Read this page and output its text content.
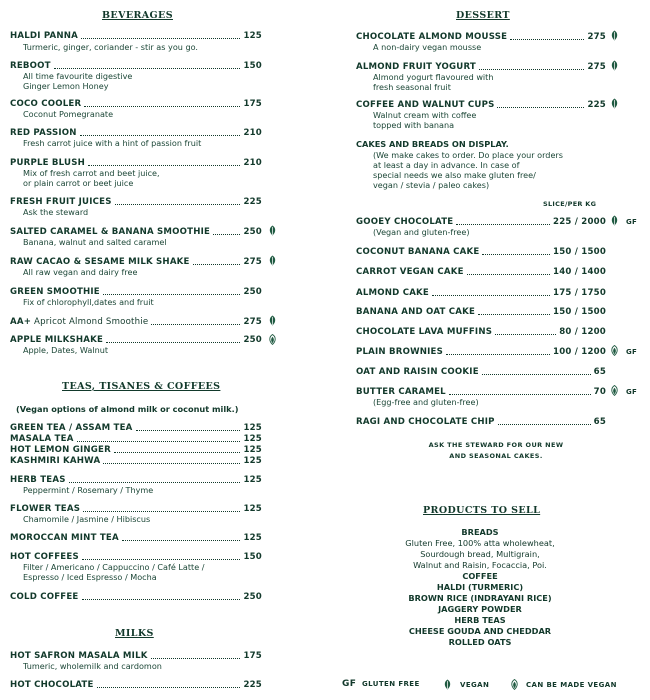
BEVERAGES
HALDI PANNA	125
Turmeric, ginger, coriander - stir as you go.
REBOOT	150
All time favourite digestive
Ginger Lemon Honey
COCO COOLER	175
Coconut Pomegranate
RED PASSION	210
Fresh carrot juice with a hint of passion fruit
PURPLE BLUSH	210
Mix of fresh carrot and beet juice,
or plain carrot or beet juice
FRESH FRUIT JUICES	225
Ask the steward
SALTED CARAMEL & BANANA SMOOTHIE	250
Banana, walnut and salted caramel
RAW CACAO & SESAME MILK SHAKE	275
All raw vegan and dairy free
GREEN SMOOTHIE	250
Fix of chlorophyll,dates and fruit
AA+ Apricot Almond Smoothie	275
APPLE MILKSHAKE	250
Apple, Dates, Walnut
TEAS, TISANES & COFFEES
(Vegan options of almond milk or coconut milk.)
GREEN TEA / ASSAM TEA	125
MASALA TEA	125
HOT LEMON GINGER	125
KASHMIRI KAHWA	125
HERB TEAS	125
Peppermint / Rosemary / Thyme
FLOWER TEAS	125
Chamomile / Jasmine / Hibiscus
MOROCCAN MINT TEA	125
HOT COFFEES	150
Filter / Americano / Cappuccino / Café Latte /
Espresso / Iced Espresso / Mocha
COLD COFFEE	250
MILKS
HOT SAFRON MASALA MILK	175
Tumeric, wholemilk and cardomon
HOT CHOCOLATE	225
DESSERT
CHOCOLATE ALMOND MOUSSE	275
A non-dairy vegan mousse
ALMOND FRUIT YOGURT	275
Almond yogurt flavoured with
fresh seasonal fruit
COFFEE AND WALNUT CUPS	225
Walnut cream with coffee
topped with banana
CAKES AND BREADS ON DISPLAY.
(We make cakes to order. Do place your orders
at least a day in advance. In case of
special needs we also make gluten free/
vegan / stevia / paleo cakes)
SLICE/PER KG
GOOEY CHOCOLATE	225 / 2000
(Vegan and gluten-free)
COCONUT BANANA CAKE	150 / 1500
CARROT VEGAN CAKE	140 / 1400
ALMOND CAKE	175 / 1750
BANANA AND OAT CAKE	150 / 1500
CHOCOLATE LAVA MUFFINS	80 / 1200
PLAIN BROWNIES	100 / 1200
OAT AND RAISIN COOKIE	65
BUTTER CARAMEL	70
(Egg-free and gluten-free)
RAGI AND CHOCOLATE CHIP	65
ASK THE STEWARD FOR OUR NEW
AND SEASONAL CAKES.
PRODUCTS TO SELL
BREADS
Gluten Free, 100% atta wholewheat,
Sourdough bread, Multigrain,
Walnut and Raisin, Focaccia, Poi.
COFFEE
HALDI (TURMERIC)
BROWN RICE (INDRAYANI RICE)
JAGGERY POWDER
HERB TEAS
CHEESE GOUDA AND CHEDDAR
ROLLED OATS
GF
GF
GF
GF GLUTEN FREE	VEGAN	CAN BE MADE VEGAN
